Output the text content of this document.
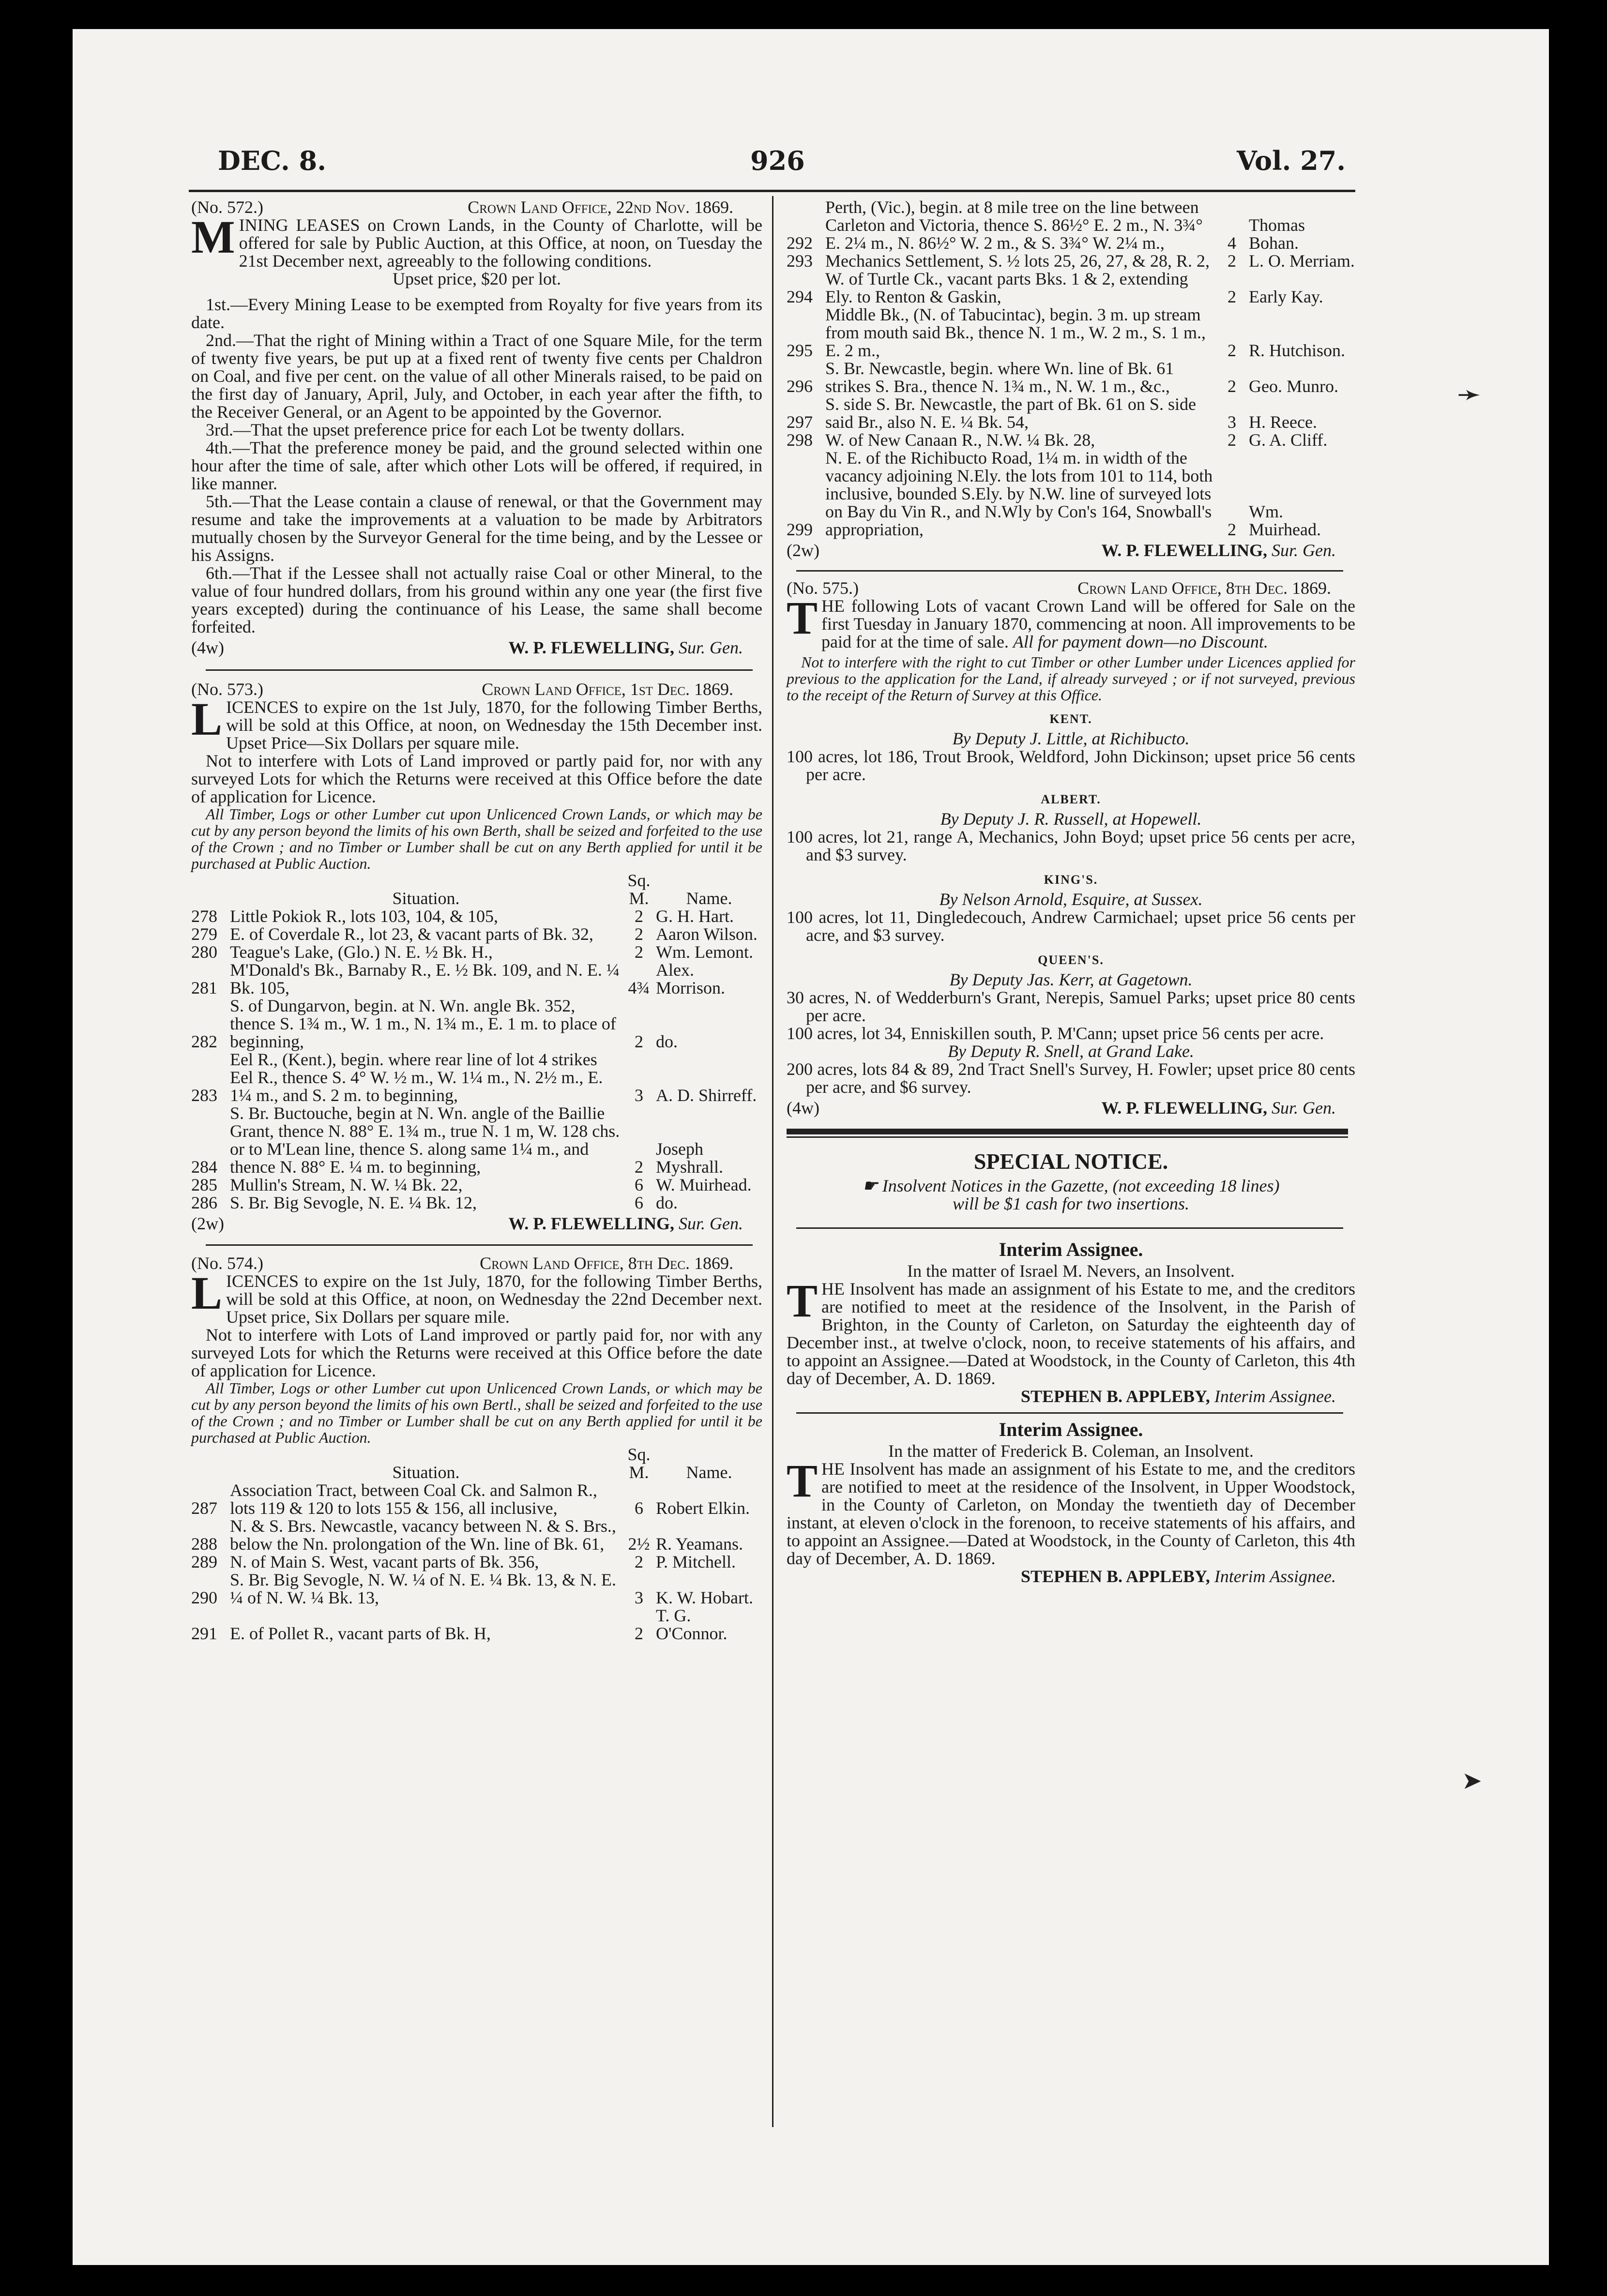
DEC. 8.	926	Vol. 27.
(No. 572.)	Crown Land Office, 22nd Nov. 1869.

MINING LEASES on Crown Lands, in the County of Charlotte, will be offered for sale by Public Auction, at this Office, at noon, on Tuesday the 21st December next, agreeably to the following conditions.

Upset price, $20 per lot.

1st.—Every Mining Lease to be exempted from Royalty for five years from its date.

2nd.—That the right of Mining within a Tract of one Square Mile, for the term of twenty five years, be put up at a fixed rent of twenty five cents per Chaldron on Coal, and five per cent. on the value of all other Minerals raised, to be paid on the first day of January, April, July, and October, in each year after the fifth, to the Receiver General, or an Agent to be appointed by the Governor.

3rd.—That the upset preference price for each Lot be twenty dollars.

4th.—That the preference money be paid, and the ground selected within one hour after the time of sale, after which other Lots will be offered, if required, in like manner.

5th.—That the Lease contain a clause of renewal, or that the Government may resume and take the improvements at a valuation to be made by Arbitrators mutually chosen by the Surveyor General for the time being, and by the Lessee or his Assigns.

6th.—That if the Lessee shall not actually raise Coal or other Mineral, to the value of four hundred dollars, from his ground within any one year (the first five years excepted) during the continuance of his Lease, the same shall become forfeited.

(4w)	W. P. FLEWELLING, Sur. Gen.
(No. 573.)	Crown Land Office, 1st Dec. 1869.

LICENCES to expire on the 1st July, 1870, for the following Timber Berths, will be sold at this Office, at noon, on Wednesday the 15th December inst. Upset Price—Six Dollars per square mile.

Not to interfere with Lots of Land improved or partly paid for, nor with any surveyed Lots for which the Returns were received at this Office before the date of application for Licence.

All Timber, Logs or other Lumber cut upon Unlicenced Crown Lands, or which may be cut by any person beyond the limits of his own Berth, shall be seized and forfeited to the use of the Crown ; and no Timber or Lumber shall be cut on any Berth applied for until it be purchased at Public Auction.

	Situation.	Sq. M.	Name.
278	Little Pokiok R., lots 103, 104, & 105,	2	G. H. Hart.
279	E. of Coverdale R., lot 23, & vacant parts of Bk. 32,	2	Aaron Wilson.
280	Teague's Lake, (Glo.) N. E. ½ Bk. H.,	2	Wm. Lemont.
281	M'Donald's Bk., Barnaby R., E. ½ Bk. 109, and N. E. ¼ Bk. 105,	4¾	Alex. Morrison.
282	S. of Dungarvon, begin. at N. Wn. angle Bk. 352, thence S. 1¾ m., W. 1 m., N. 1¾ m., E. 1 m. to place of beginning,	2	do.
283	Eel R., (Kent.), begin. where rear line of lot 4 strikes Eel R., thence S. 4° W. ½ m., W. 1¼ m., N. 2½ m., E. 1¼ m., and S. 2 m. to beginning,	3	A. D. Shirreff.
284	S. Br. Buctouche, begin at N. Wn. angle of the Baillie Grant, thence N. 88° E. 1¾ m., true N. 1 m, W. 128 chs. or to M'Lean line, thence S. along same 1¼ m., and thence N. 88° E. ¼ m. to beginning,	2	Joseph Myshrall.
285	Mullin's Stream, N. W. ¼ Bk. 22,	6	W. Muirhead.
286	S. Br. Big Sevogle, N. E. ¼ Bk. 12,	6	do.
(2w)	W. P. FLEWELLING, Sur. Gen.
(No. 574.)	Crown Land Office, 8th Dec. 1869.

LICENCES to expire on the 1st July, 1870, for the following Timber Berths, will be sold at this Office, at noon, on Wednesday the 22nd December next. Upset price, Six Dollars per square mile.

Not to interfere with Lots of Land improved or partly paid for, nor with any surveyed Lots for which the Returns were received at this Office before the date of application for Licence.

All Timber, Logs or other Lumber cut upon Unlicenced Crown Lands, or which may be cut by any person beyond the limits of his own Bertl., shall be seized and forfeited to the use of the Crown ; and no Timber or Lumber shall be cut on any Berth applied for until it be purchased at Public Auction.

	Situation.	Sq. M.	Name.
287	Association Tract, between Coal Ck. and Salmon R., lots 119 & 120 to lots 155 & 156, all inclusive,	6	Robert Elkin.
288	N. & S. Brs. Newcastle, vacancy between N. & S. Brs., below the Nn. prolongation of the Wn. line of Bk. 61,	2½	R. Yeamans.
289	N. of Main S. West, vacant parts of Bk. 356,	2	P. Mitchell.
290	S. Br. Big Sevogle, N. W. ¼ of N. E. ¼ Bk. 13, & N. E. ¼ of N. W. ¼ Bk. 13,	3	K. W. Hobart.
291	E. of Pollet R., vacant parts of Bk. H,	2	T. G. O'Connor.
292	Perth, (Vic.), begin. at 8 mile tree on the line between Carleton and Victoria, thence S. 86½° E. 2 m., N. 3¾° E. 2¼ m., N. 86½° W. 2 m., & S. 3¾° W. 2¼ m.,	4	Thomas Bohan.
293	Mechanics Settlement, S. ½ lots 25, 26, 27, & 28, R. 2,	2	L. O. Merriam.
294	W. of Turtle Ck., vacant parts Bks. 1 & 2, extending Ely. to Renton & Gaskin,	2	Early Kay.
295	Middle Bk., (N. of Tabucintac), begin. 3 m. up stream from mouth said Bk., thence N. 1 m., W. 2 m., S. 1 m., E. 2 m.,	2	R. Hutchison.
296	S. Br. Newcastle, begin. where Wn. line of Bk. 61 strikes S. Bra., thence N. 1¾ m., N. W. 1 m., &c.,	2	Geo. Munro.
297	S. side S. Br. Newcastle, the part of Bk. 61 on S. side said Br., also N. E. ¼ Bk. 54,	3	H. Reece.
298	W. of New Canaan R., N.W. ¼ Bk. 28,	2	G. A. Cliff.
299	N. E. of the Richibucto Road, 1¼ m. in width of the vacancy adjoining N.Ely. the lots from 101 to 114, both inclusive, bounded S.Ely. by N.W. line of surveyed lots on Bay du Vin R., and N.Wly by Con's 164, Snowball's appropriation,	2	Wm. Muirhead.
(2w)	W. P. FLEWELLING, Sur. Gen.
(No. 575.)	Crown Land Office, 8th Dec. 1869.

THE following Lots of vacant Crown Land will be offered for Sale on the first Tuesday in January 1870, commencing at noon. All improvements to be paid for at the time of sale. All for payment down—no Discount.

Not to interfere with the right to cut Timber or other Lumber under Licences applied for previous to the application for the Land, if already surveyed ; or if not surveyed, previous to the receipt of the Return of Survey at this Office.

KENT.
By Deputy J. Little, at Richibucto.

100 acres, lot 186, Trout Brook, Weldford, John Dickinson; upset price 56 cents per acre.

ALBERT.
By Deputy J. R. Russell, at Hopewell.

100 acres, lot 21, range A, Mechanics, John Boyd; upset price 56 cents per acre, and $3 survey.

KING'S.
By Nelson Arnold, Esquire, at Sussex.

100 acres, lot 11, Dingledecouch, Andrew Carmichael; upset price 56 cents per acre, and $3 survey.

QUEEN'S.
By Deputy Jas. Kerr, at Gagetown.

30 acres, N. of Wedderburn's Grant, Nerepis, Samuel Parks; upset price 80 cents per acre.

100 acres, lot 34, Enniskillen south, P. M'Cann; upset price 56 cents per acre.

By Deputy R. Snell, at Grand Lake.

200 acres, lots 84 & 89, 2nd Tract Snell's Survey, H. Fowler; upset price 80 cents per acre, and $6 survey.

(4w)	W. P. FLEWELLING, Sur. Gen.
SPECIAL NOTICE.

☛ Insolvent Notices in the Gazette, (not exceeding 18 lines)

will be $1 cash for two insertions.

Interim Assignee.

In the matter of Israel M. Nevers, an Insolvent.

THE Insolvent has made an assignment of his Estate to me, and the creditors are notified to meet at the residence of the Insolvent, in the Parish of Brighton, in the County of Carleton, on Saturday the eighteenth day of December inst., at twelve o'clock, noon, to receive statements of his affairs, and to appoint an Assignee.—Dated at Woodstock, in the County of Carleton, this 4th day of December, A. D. 1869.

STEPHEN B. APPLEBY, Interim Assignee.
Interim Assignee.

In the matter of Frederick B. Coleman, an Insolvent.

THE Insolvent has made an assignment of his Estate to me, and the creditors are notified to meet at the residence of the Insolvent, in Upper Woodstock, in the County of Carleton, on Monday the twentieth day of December instant, at eleven o'clock in the forenoon, to receive statements of his affairs, and to appoint an Assignee.—Dated at Woodstock, in the County of Carleton, this 4th day of December, A. D. 1869.

STEPHEN B. APPLEBY, Interim Assignee.
➛
➤
